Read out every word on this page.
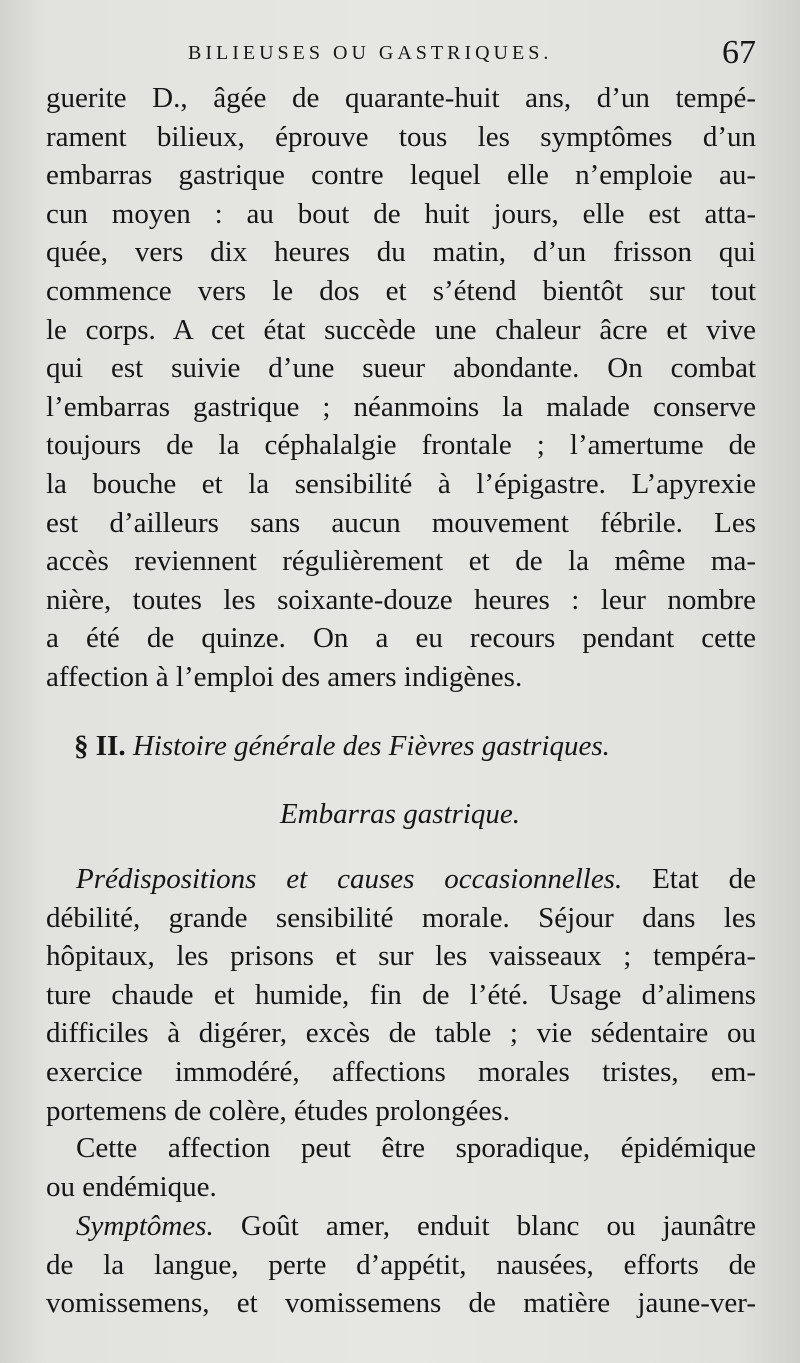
BILIEUSES OU GASTRIQUES.	67
guerite D., âgée de quarante-huit ans, d’un tempé-
rament bilieux, éprouve tous les symptômes d’un
embarras gastrique contre lequel elle n’emploie au-
cun moyen : au bout de huit jours, elle est atta-
quée, vers dix heures du matin, d’un frisson qui
commence vers le dos et s’étend bientôt sur tout
le corps. A cet état succède une chaleur âcre et vive
qui est suivie d’une sueur abondante. On combat
l’embarras gastrique ; néanmoins la malade conserve
toujours de la céphalalgie frontale ; l’amertume de
la bouche et la sensibilité à l’épigastre. L’apyrexie
est d’ailleurs sans aucun mouvement fébrile. Les
accès reviennent régulièrement et de la même ma-
nière, toutes les soixante-douze heures : leur nombre
a été de quinze. On a eu recours pendant cette
affection à l’emploi des amers indigènes.
§ II. Histoire générale des Fièvres gastriques.
Embarras gastrique.
Prédispositions et causes occasionnelles. Etat de
débilité, grande sensibilité morale. Séjour dans les
hôpitaux, les prisons et sur les vaisseaux ; tempéra-
ture chaude et humide, fin de l’été. Usage d’alimens
difficiles à digérer, excès de table ; vie sédentaire ou
exercice immodéré, affections morales tristes, em-
portemens de colère, études prolongées.
Cette affection peut être sporadique, épidémique
ou endémique.
Symptômes. Goût amer, enduit blanc ou jaunâtre
de la langue, perte d’appétit, nausées, efforts de
vomissemens, et vomissemens de matière jaune-ver-
